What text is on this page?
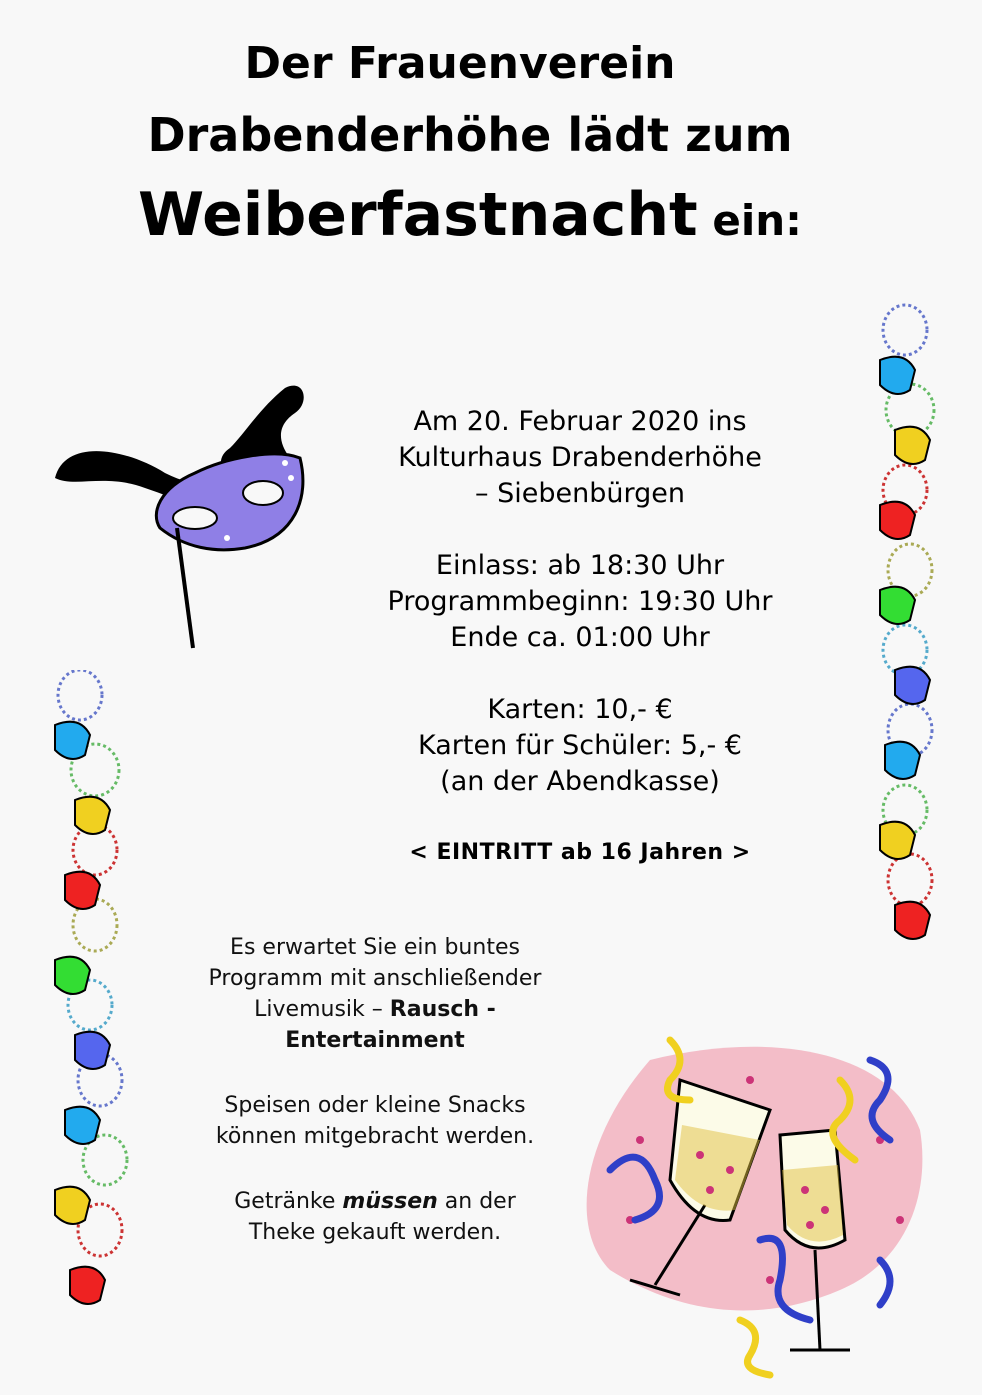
Der Frauenverein
Drabenderhöhe lädt zum
Weiberfastnacht ein:
Am 20. Februar 2020 ins
Kulturhaus Drabenderhöhe
– Siebenbürgen
Einlass: ab 18:30 Uhr
Programmbeginn: 19:30 Uhr
Ende ca. 01:00 Uhr
Karten: 10,- €
Karten für Schüler: 5,- €
(an der Abendkasse)
< EINTRITT ab 16 Jahren >
Es erwartet Sie ein buntes
Programm mit anschließender
Livemusik – Rausch -
Entertainment
Speisen oder kleine Snacks
können mitgebracht werden.
Getränke müssen an der
Theke gekauft werden.
